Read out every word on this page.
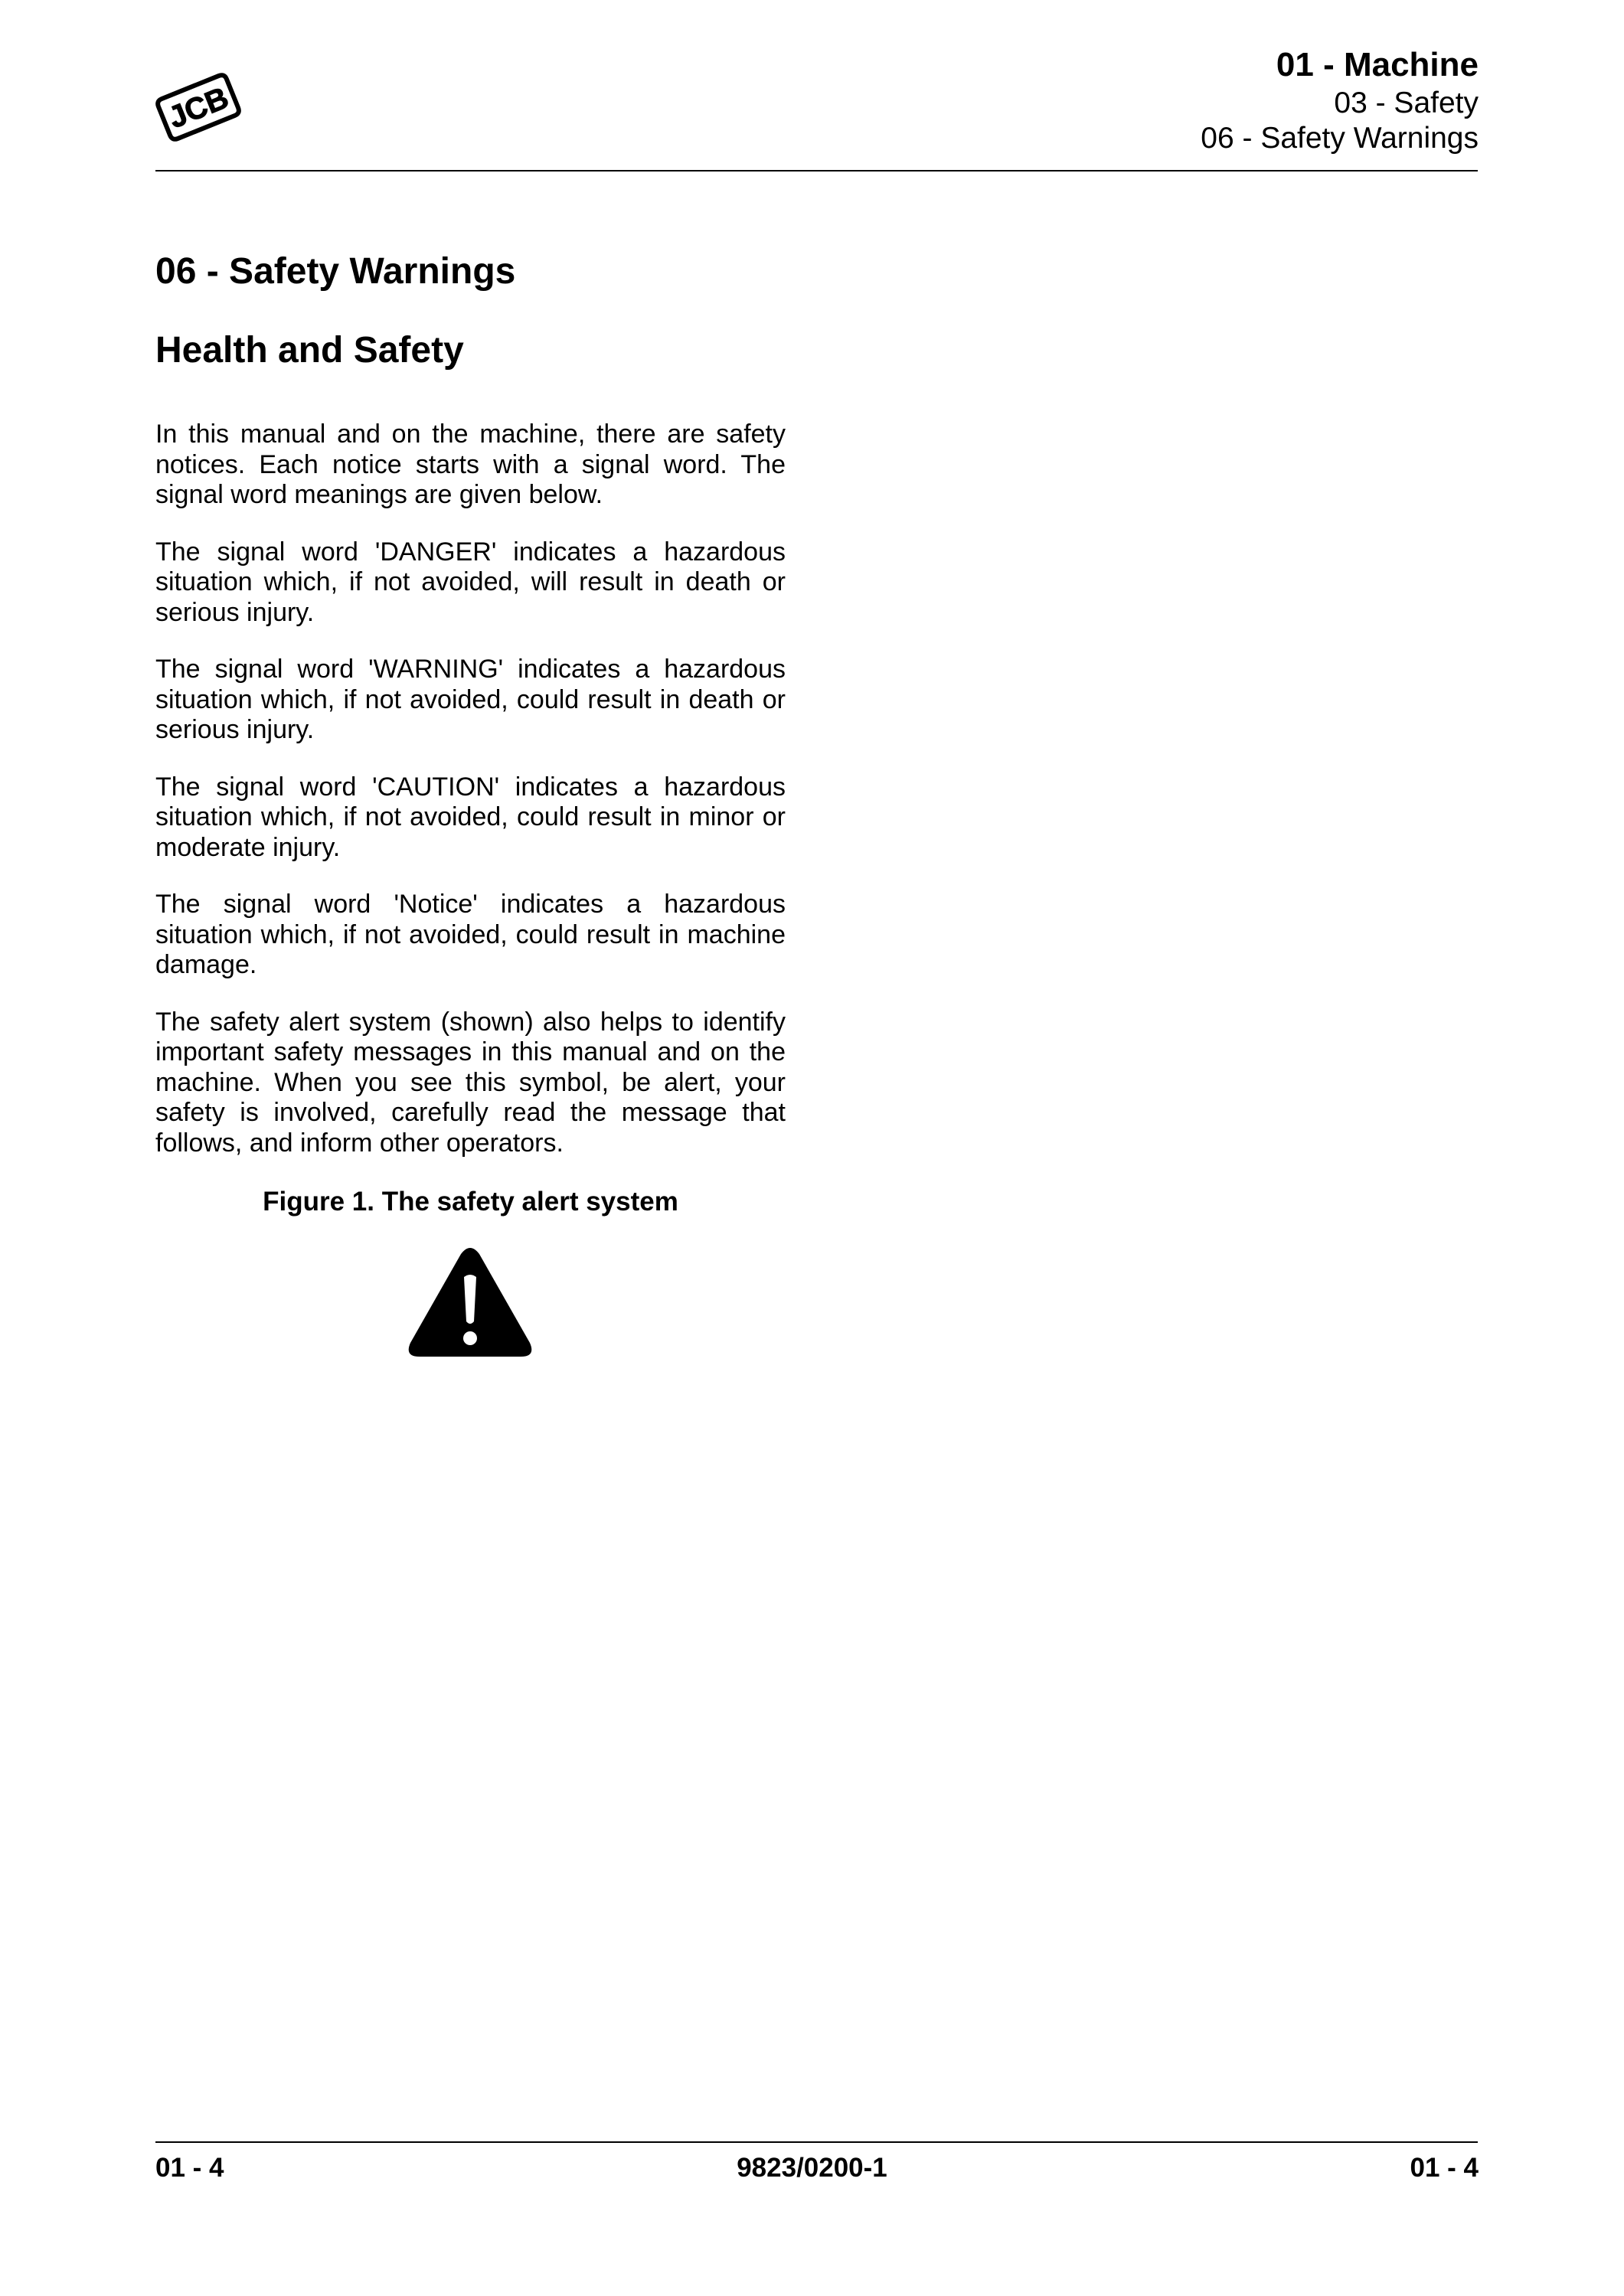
JCB
01 - Machine
03 - Safety
06 - Safety Warnings
06 - Safety Warnings
Health and Safety

In this manual and on the machine, there are safety notices. Each notice starts with a signal word. The signal word meanings are given below.

The signal word 'DANGER' indicates a hazardous situation which, if not avoided, will result in death or serious injury.

The signal word 'WARNING' indicates a hazardous situation which, if not avoided, could result in death or serious injury.

The signal word 'CAUTION' indicates a hazardous situation which, if not avoided, could result in minor or moderate injury.

The signal word 'Notice' indicates a hazardous situation which, if not avoided, could result in machine damage.

The safety alert system (shown) also helps to identify important safety messages in this manual and on the machine. When you see this symbol, be alert, your safety is involved, carefully read the message that follows, and inform other operators.

Figure 1. The safety alert system
01 - 4	9823/0200-1	01 - 4
